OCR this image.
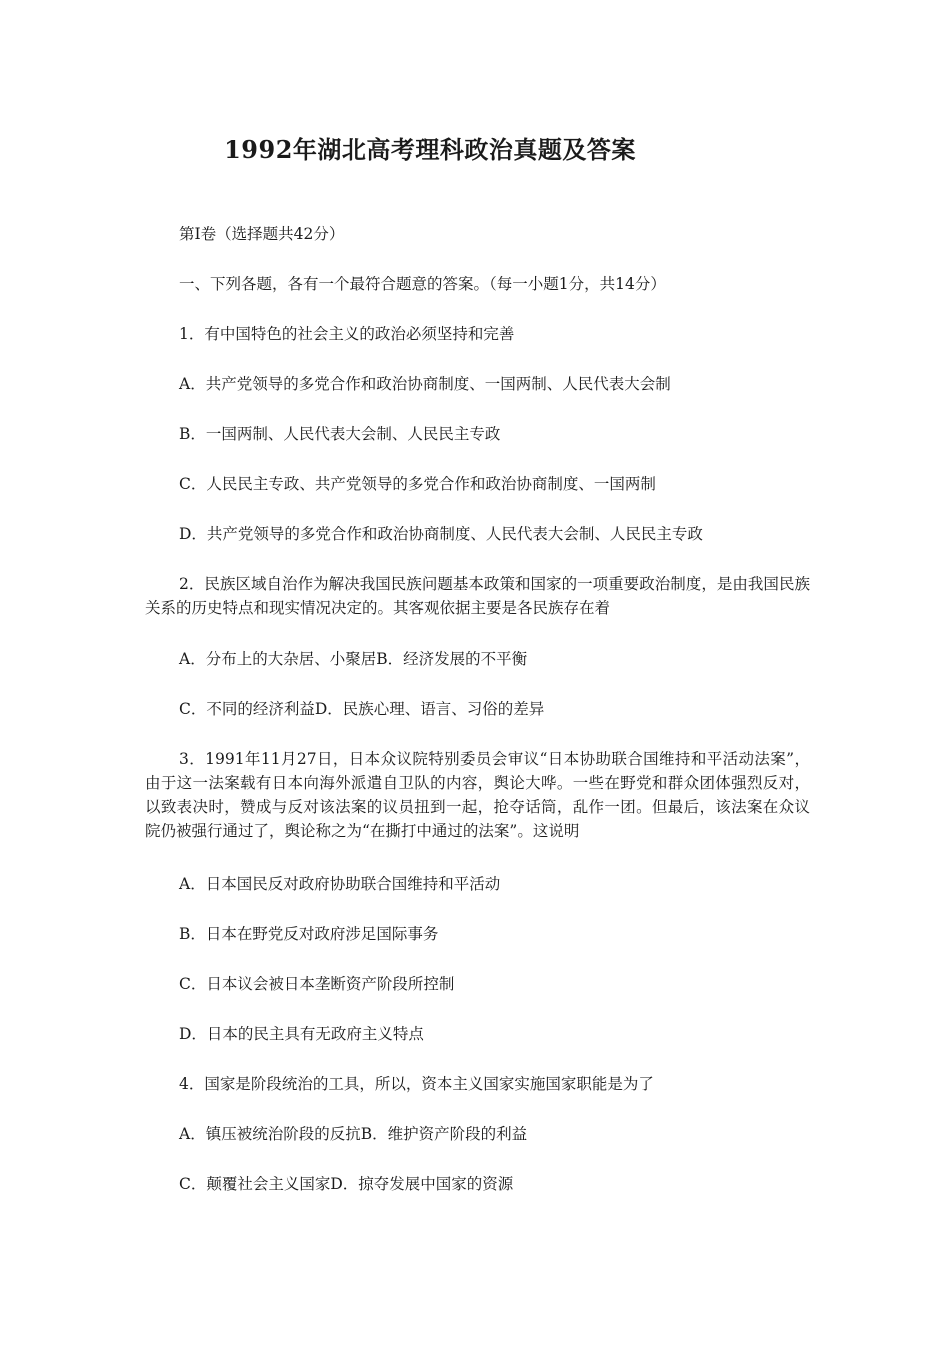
1992年湖北高考理科政治真题及答案

第I卷（选择题共42分）

一、下列各题，各有一个最符合题意的答案。（每一小题1分，共14分）

1．有中国特色的社会主义的政治必须坚持和完善

A．共产党领导的多党合作和政治协商制度、一国两制、人民代表大会制

B．一国两制、人民代表大会制、人民民主专政

C．人民民主专政、共产党领导的多党合作和政治协商制度、一国两制

D．共产党领导的多党合作和政治协商制度、人民代表大会制、人民民主专政

2．民族区域自治作为解决我国民族问题基本政策和国家的一项重要政治制度，是由我国民族关系的历史特点和现实情况决定的。其客观依据主要是各民族存在着

A．分布上的大杂居、小聚居B．经济发展的不平衡

C．不同的经济利益D．民族心理、语言、习俗的差异

3．1991年11月27日，日本众议院特别委员会审议“日本协助联合国维持和平活动法案”，由于这一法案载有日本向海外派遣自卫队的内容，舆论大哗。一些在野党和群众团体强烈反对，以致表决时，赞成与反对该法案的议员扭到一起，抢夺话筒，乱作一团。但最后，该法案在众议院仍被强行通过了，舆论称之为“在撕打中通过的法案”。这说明

A．日本国民反对政府协助联合国维持和平活动

B．日本在野党反对政府涉足国际事务

C．日本议会被日本垄断资产阶段所控制

D．日本的民主具有无政府主义特点

4．国家是阶段统治的工具，所以，资本主义国家实施国家职能是为了

A．镇压被统治阶段的反抗B．维护资产阶段的利益

C．颠覆社会主义国家D．掠夺发展中国家的资源
